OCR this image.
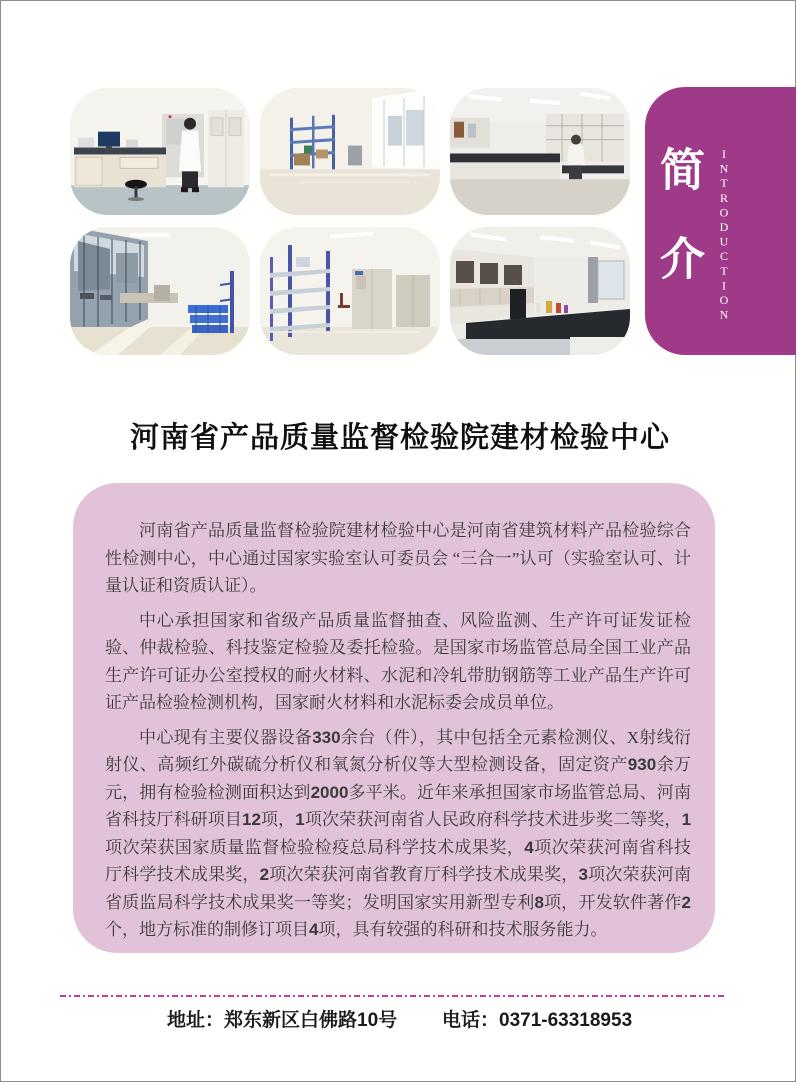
简介 INTRODUCTION
河南省产品质量监督检验院建材检验中心

河南省产品质量监督检验院建材检验中心是河南省建筑材料产品检验综合性检测中心，中心通过国家实验室认可委员会 “三合一”认可（实验室认可、计量认证和资质认证）。

中心承担国家和省级产品质量监督抽查、风险监测、生产许可证发证检验、仲裁检验、科技鉴定检验及委托检验。是国家市场监管总局全国工业产品生产许可证办公室授权的耐火材料、水泥和冷轧带肋钢筋等工业产品生产许可证产品检验检测机构，国家耐火材料和水泥标委会成员单位。

中心现有主要仪器设备330余台（件），其中包括全元素检测仪、X射线衍射仪、高频红外碳硫分析仪和氧氮分析仪等大型检测设备，固定资产930余万元，拥有检验检测面积达到2000多平米。近年来承担国家市场监管总局、河南省科技厅科研项目12项，1项次荣获河南省人民政府科学技术进步奖二等奖，1项次荣获国家质量监督检验检疫总局科学技术成果奖，4项次荣获河南省科技厅科学技术成果奖，2项次荣获河南省教育厅科学技术成果奖，3项次荣获河南省质监局科学技术成果奖一等奖；发明国家实用新型专利8项，开发软件著作2个，地方标准的制修订项目4项，具有较强的科研和技术服务能力。

地址：郑东新区白佛路10号 电话：0371-63318953
